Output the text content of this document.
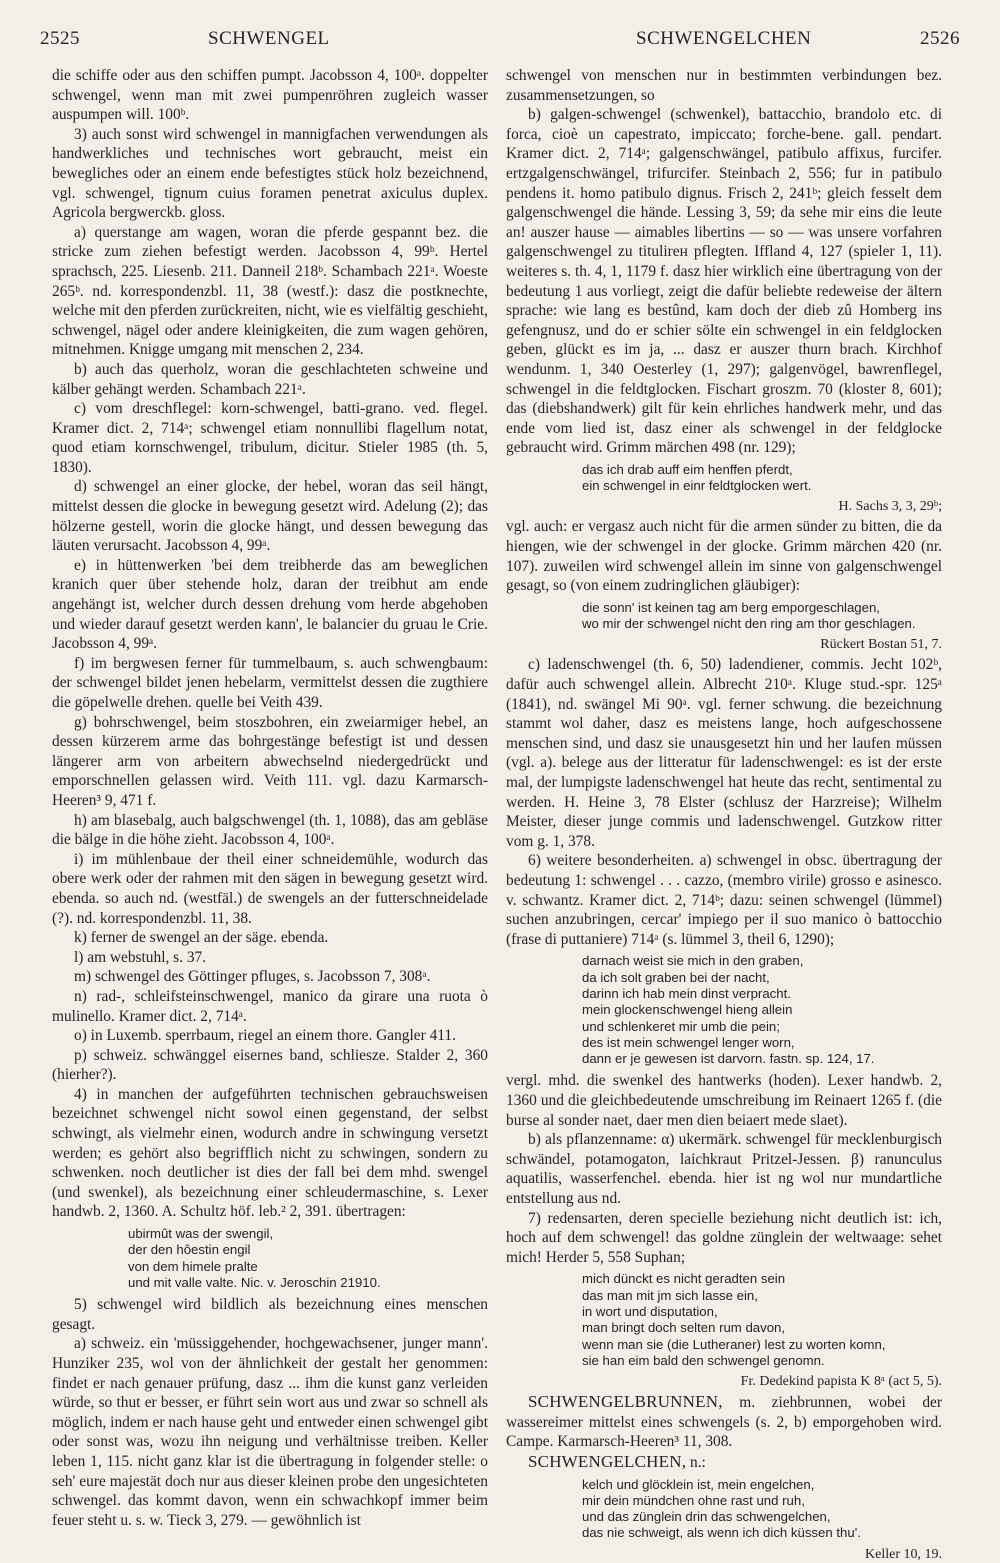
2525	SCHWENGEL	SCHWENGELCHEN	2526

die schiffe oder aus den schiffen pumpt. Jacobsson 4, 100ᵃ. doppelter schwengel, wenn man mit zwei pumpenröhren zugleich wasser auspumpen will. 100ᵇ.

3) auch sonst wird schwengel in mannigfachen verwendungen als handwerkliches und technisches wort gebraucht, meist ein bewegliches oder an einem ende befestigtes stück holz bezeichnend, vgl. schwengel, tignum cuius foramen penetrat axiculus duplex. Agricola bergwerckb. gloss.

a) querstange am wagen, woran die pferde gespannt bez. die stricke zum ziehen befestigt werden. Jacobsson 4, 99ᵇ. Hertel sprachsch, 225. Liesenb. 211. Danneil 218ᵇ. Schambach 221ᵃ. Woeste 265ᵇ. nd. korrespondenzbl. 11, 38 (westf.): dasz die postknechte, welche mit den pferden zurückreiten, nicht, wie es vielfältig geschieht, schwengel, nägel oder andere kleinigkeiten, die zum wagen gehören, mitnehmen. Knigge umgang mit menschen 2, 234.

b) auch das querholz, woran die geschlachteten schweine und kälber gehängt werden. Schambach 221ᵃ.

c) vom dreschflegel: korn-schwengel, batti-grano. ved. flegel. Kramer dict. 2, 714ᵃ; schwengel etiam nonnullibi flagellum notat, quod etiam kornschwengel, tribulum, dicitur. Stieler 1985 (th. 5, 1830).

d) schwengel an einer glocke, der hebel, woran das seil hängt, mittelst dessen die glocke in bewegung gesetzt wird. Adelung (2); das hölzerne gestell, worin die glocke hängt, und dessen bewegung das läuten verursacht. Jacobsson 4, 99ᵃ.

e) in hüttenwerken 'bei dem treibherde das am beweglichen kranich quer über stehende holz, daran der treibhut am ende angehängt ist, welcher durch dessen drehung vom herde abgehoben und wieder darauf gesetzt werden kann', le balancier du gruau le Crie. Jacobsson 4, 99ᵃ.

f) im bergwesen ferner für tummelbaum, s. auch schwengbaum: der schwengel bildet jenen hebelarm, vermittelst dessen die zugthiere die göpelwelle drehen. quelle bei Veith 439.

g) bohrschwengel, beim stoszbohren, ein zweiarmiger hebel, an dessen kürzerem arme das bohrgestänge befestigt ist und dessen längerer arm von arbeitern abwechselnd niedergedrückt und emporschnellen gelassen wird. Veith 111. vgl. dazu Karmarsch-Heeren³ 9, 471 f.

h) am blasebalg, auch balgschwengel (th. 1, 1088), das am gebläse die bälge in die höhe zieht. Jacobsson 4, 100ᵃ.

i) im mühlenbaue der theil einer schneidemühle, wodurch das obere werk oder der rahmen mit den sägen in bewegung gesetzt wird. ebenda. so auch nd. (westfäl.) de swengels an der futterschneidelade (?). nd. korrespondenzbl. 11, 38.

k) ferner de swengel an der säge. ebenda.

l) am webstuhl, s. 37.

m) schwengel des Göttinger pfluges, s. Jacobsson 7, 308ᵃ.

n) rad-, schleifsteinschwengel, manico da girare una ruota ò mulinello. Kramer dict. 2, 714ᵃ.

o) in Luxemb. sperrbaum, riegel an einem thore. Gangler 411.

p) schweiz. schwänggel eisernes band, schliesze. Stalder 2, 360 (hierher?).

4) in manchen der aufgeführten technischen gebrauchsweisen bezeichnet schwengel nicht sowol einen gegenstand, der selbst schwingt, als vielmehr einen, wodurch andre in schwingung versetzt werden; es gehört also begrifflich nicht zu schwingen, sondern zu schwenken. noch deutlicher ist dies der fall bei dem mhd. swengel (und swenkel), als bezeichnung einer schleudermaschine, s. Lexer handwb. 2, 1360. A. Schultz höf. leb.² 2, 391. übertragen:

ubirmût was der swengil,
der den hôestin engil
von dem himele pralte
und mit valle valte. Nic. v. Jeroschin 21910.

5) schwengel wird bildlich als bezeichnung eines menschen gesagt.

a) schweiz. ein 'müssiggehender, hochgewachsener, junger mann'. Hunziker 235, wol von der ähnlichkeit der gestalt her genommen: findet er nach genauer prüfung, dasz ... ihm die kunst ganz verleiden würde, so thut er besser, er führt sein wort aus und zwar so schnell als möglich, indem er nach hause geht und entweder einen schwengel gibt oder sonst was, wozu ihn neigung und verhältnisse treiben. Keller leben 1, 115. nicht ganz klar ist die übertragung in folgender stelle: o seh' eure majestät doch nur aus dieser kleinen probe den ungesichteten schwengel. das kommt davon, wenn ein schwachkopf immer beim feuer steht u. s. w. Tieck 3, 279. — gewöhnlich ist

schwengel von menschen nur in bestimmten verbindungen bez. zusammensetzungen, so

b) galgen-schwengel (schwenkel), battacchio, brandolo etc. di forca, cioè un capestrato, impiccato; forche-bene. gall. pendart. Kramer dict. 2, 714ᵃ; galgenschwängel, patibulo affixus, furcifer. ertzgalgenschwängel, trifurcifer. Steinbach 2, 556; fur in patibulo pendens it. homo patibulo dignus. Frisch 2, 241ᵇ; gleich fesselt dem galgenschwengel die hände. Lessing 3, 59; da sehe mir eins die leute an! auszer hause — aimables libertins — so — was unsere vorfahren galgenschwengel zu titulirен pflegten. Iffland 4, 127 (spieler 1, 11). weiteres s. th. 4, 1, 1179 f. dasz hier wirklich eine übertragung von der bedeutung 1 aus vorliegt, zeigt die dafür beliebte redeweise der ältern sprache: wie lang es bestûnd, kam doch der dieb zû Homberg ins gefengnusz, und do er schier sölte ein schwengel in ein feldglocken geben, glückt es im ja, ... dasz er auszer thurn brach. Kirchhof wendunm. 1, 340 Oesterley (1, 297); galgenvögel, bawrenflegel, schwengel in die feldtglocken. Fischart groszm. 70 (kloster 8, 601); das (diebshandwerk) gilt für kein ehrliches handwerk mehr, und das ende vom lied ist, dasz einer als schwengel in der feldglocke gebraucht wird. Grimm märchen 498 (nr. 129);

das ich drab auff eim henffen pferdt,
ein schwengel in einr feldtglocken wert.
H. Sachs 3, 3, 29ᵇ;

vgl. auch: er vergasz auch nicht für die armen sünder zu bitten, die da hiengen, wie der schwengel in der glocke. Grimm märchen 420 (nr. 107). zuweilen wird schwengel allein im sinne von galgenschwengel gesagt, so (von einem zudringlichen gläubiger):

die sonn' ist keinen tag am berg emporgeschlagen,
wo mir der schwengel nicht den ring am thor geschlagen.
Rückert Bostan 51, 7.

c) ladenschwengel (th. 6, 50) ladendiener, commis. Jecht 102ᵇ, dafür auch schwengel allein. Albrecht 210ᵃ. Kluge stud.-spr. 125ᵃ (1841), nd. swängel Mi 90ᵃ. vgl. ferner schwung. die bezeichnung stammt wol daher, dasz es meistens lange, hoch aufgeschossene menschen sind, und dasz sie unausgesetzt hin und her laufen müssen (vgl. a). belege aus der litteratur für ladenschwengel: es ist der erste mal, der lumpigste ladenschwengel hat heute das recht, sentimental zu werden. H. Heine 3, 78 Elster (schlusz der Harzreise); Wilhelm Meister, dieser junge commis und ladenschwengel. Gutzkow ritter vom g. 1, 378.

6) weitere besonderheiten. a) schwengel in obsc. übertragung der bedeutung 1: schwengel . . . cazzo, (membro virile) grosso e asinesco. v. schwantz. Kramer dict. 2, 714ᵇ; dazu: seinen schwengel (lümmel) suchen anzubringen, cercar' impiego per il suo manico ò battocchio (frase di puttaniere) 714ᵃ (s. lümmel 3, theil 6, 1290);

darnach weist sie mich in den graben,
da ich solt graben bei der nacht,
darinn ich hab mein dinst verpracht.
mein glockenschwengel hieng allein
und schlenkeret mir umb die pein;
des ist mein schwengel lenger worn,
dann er je gewesen ist darvorn. fastn. sp. 124, 17.

vergl. mhd. die swenkel des hantwerks (hoden). Lexer handwb. 2, 1360 und die gleichbedeutende umschreibung im Reinaert 1265 f. (die burse al sonder naet, daer men dien beiaert mede slaet).

b) als pflanzenname: α) ukermärk. schwengel für mecklenburgisch schwändel, potamogaton, laichkraut Pritzel-Jessen. β) ranunculus aquatilis, wasserfenchel. ebenda. hier ist ng wol nur mundartliche entstellung aus nd.

7) redensarten, deren specielle beziehung nicht deutlich ist: ich, hoch auf dem schwengel! das goldne zünglein der weltwaage: sehet mich! Herder 5, 558 Suphan;

mich dünckt es nicht geradten sein
das man mit jm sich lasse ein,
in wort und disputation,
man bringt doch selten rum davon,
wenn man sie (die Lutheraner) lest zu worten komn,
sie han eim bald den schwengel genomn.
Fr. Dedekind papista K 8ᵃ (act 5, 5).

SCHWENGELBRUNNEN, m. ziehbrunnen, wobei der wassereimer mittelst eines schwengels (s. 2, b) emporgehoben wird. Campe. Karmarsch-Heeren³ 11, 308.

SCHWENGELCHEN, n.:

kelch und glöcklein ist, mein engelchen,
mir dein mündchen ohne rast und ruh,
und das zünglein drin das schwengelchen,
das nie schweigt, als wenn ich dich küssen thu'.
Keller 10, 19.
